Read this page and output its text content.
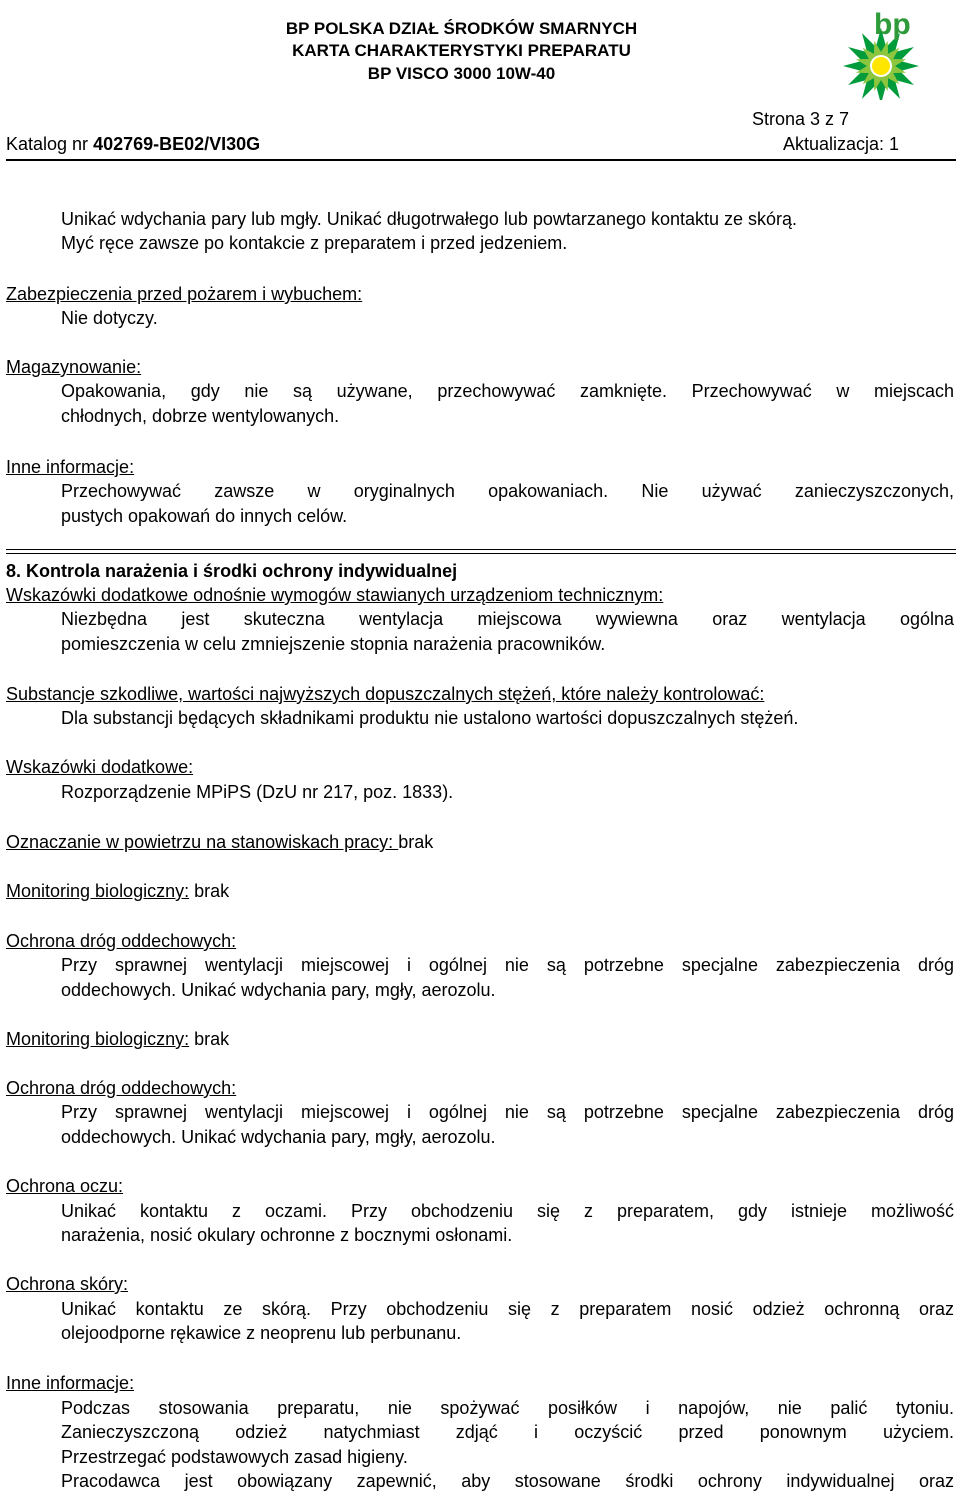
BP POLSKA DZIAŁ ŚRODKÓW SMARNYCH
KARTA CHARAKTERYSTYKI PREPARATU
BP VISCO 3000 10W-40
bp
Strona 3 z 7
Katalog nr 402769-BE02/VI30G	Aktualizacja: 1
Unikać wdychania pary lub mgły. Unikać długotrwałego lub powtarzanego kontaktu ze skórą.
Myć ręce zawsze po kontakcie z preparatem i przed jedzeniem.
Zabezpieczenia przed pożarem i wybuchem:
Nie dotyczy.
Magazynowanie:
Opakowania, gdy nie są używane, przechowywać zamknięte. Przechowywać w miejscach
chłodnych, dobrze wentylowanych.
Inne informacje:
Przechowywać zawsze w oryginalnych opakowaniach. Nie używać zanieczyszczonych,
pustych opakowań do innych celów.
8. Kontrola narażenia i środki ochrony indywidualnej
Wskazówki dodatkowe odnośnie wymogów stawianych urządzeniom technicznym:
Niezbędna jest skuteczna wentylacja miejscowa wywiewna oraz wentylacja ogólna
pomieszczenia w celu zmniejszenie stopnia narażenia pracowników.
Substancje szkodliwe, wartości najwyższych dopuszczalnych stężeń, które należy kontrolować:
Dla substancji będących składnikami produktu nie ustalono wartości dopuszczalnych stężeń.
Wskazówki dodatkowe:
Rozporządzenie MPiPS (DzU nr 217, poz. 1833).
Oznaczanie w powietrzu na stanowiskach pracy: brak
Monitoring biologiczny: brak
Ochrona dróg oddechowych:
Przy sprawnej wentylacji miejscowej i ogólnej nie są potrzebne specjalne zabezpieczenia dróg
oddechowych. Unikać wdychania pary, mgły, aerozolu.
Monitoring biologiczny: brak
Ochrona dróg oddechowych:
Przy sprawnej wentylacji miejscowej i ogólnej nie są potrzebne specjalne zabezpieczenia dróg
oddechowych. Unikać wdychania pary, mgły, aerozolu.
Ochrona oczu:
Unikać kontaktu z oczami. Przy obchodzeniu się z preparatem, gdy istnieje możliwość
narażenia, nosić okulary ochronne z bocznymi osłonami.
Ochrona skóry:
Unikać kontaktu ze skórą. Przy obchodzeniu się z preparatem nosić odzież ochronną oraz
olejoodporne rękawice z neoprenu lub perbunanu.
Inne informacje:
Podczas stosowania preparatu, nie spożywać posiłków i napojów, nie palić tytoniu.
Zanieczyszczoną odzież natychmiast zdjąć i oczyścić przed ponownym użyciem.
Przestrzegać podstawowych zasad higieny.
Pracodawca jest obowiązany zapewnić, aby stosowane środki ochrony indywidualnej oraz
